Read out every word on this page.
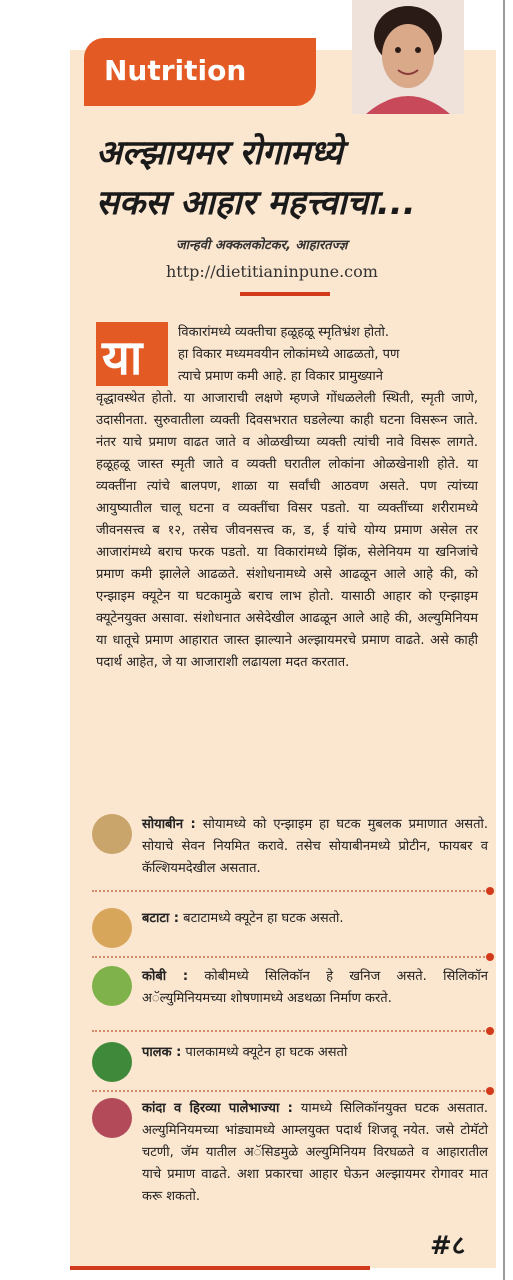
Nutrition
अल्झायमर रोगामध्ये
सकस आहार महत्त्वाचा...
जान्हवी अक्कलकोटकर, आहारतज्ज्ञ
http://dietitianinpune.com

विकारांमध्ये व्यक्तीचा हळूहळू स्मृतिभ्रंश होतो.

हा विकार मध्यमवयीन लोकांमध्ये आढळतो, पण

त्याचे प्रमाण कमी आहे. हा विकार प्रामुख्याने

वृद्धावस्थेत होतो. या आजाराची लक्षणे म्हणजे गोंधळलेली स्थिती, स्मृती जाणे, उदासीनता. सुरुवातीला व्यक्ती दिवसभरात घडलेल्या काही घटना विसरून जाते. नंतर याचे प्रमाण वाढत जाते व ओळखीच्या व्यक्ती त्यांची नावे विसरू लागते. हळूहळू जास्त स्मृती जाते व व्यक्ती घरातील लोकांना ओळखेनाशी होते. या व्यक्तींना त्यांचे बालपण, शाळा या सर्वांची आठवण असते. पण त्यांच्या आयुष्यातील चालू घटना व व्यक्तींचा विसर पडतो. या व्यक्तींच्या शरीरामध्ये जीवनसत्त्व ब १२, तसेच जीवनसत्त्व क, ड, ई यांचे योग्य प्रमाण असेल तर आजारांमध्ये बराच फरक पडतो. या विकारांमध्ये झिंक, सेलेनियम या खनिजांचे प्रमाण कमी झालेले आढळते. संशोधनामध्ये असे आढळून आले आहे की, को एन्झाइम क्यूटेन या घटकामुळे बराच लाभ होतो. यासाठी आहार को एन्झाइम क्यूटेनयुक्त असावा. संशोधनात असेदेखील आढळून आले आहे की, अल्युमिनियम या धातूचे प्रमाण आहारात जास्त झाल्याने अल्झायमरचे प्रमाण वाढते. असे काही पदार्थ आहेत, जे या आजाराशी लढायला मदत करतात.

या
सोयाबीन : सोयामध्ये को एन्झाइम हा घटक मुबलक प्रमाणात असतो. सोयाचे सेवन नियमित करावे. तसेच सोयाबीनमध्ये प्रोटीन, फायबर व कॅल्शियमदेखील असतात.
बटाटा : बटाटामध्ये क्यूटेन हा घटक असतो.
कोबी : कोबीमध्ये सिलिकॉन हे खनिज असते. सिलिकॉन अॅल्युमिनियमच्या शोषणामध्ये अडथळा निर्माण करते.
पालक : पालकामध्ये क्यूटेन हा घटक असतो
कांदा व हिरव्या पालेभाज्या : यामध्ये सिलिकॉनयुक्त घटक असतात. अल्युमिनियमच्या भांड्यामध्ये आम्लयुक्त पदार्थ शिजवू नयेत. जसे टोमॅटो चटणी, जॅम यातील अॅसिडमुळे अल्युमिनियम विरघळते व आहारातील याचे प्रमाण वाढते. अशा प्रकारचा आहार घेऊन अल्झायमर रोगावर मात करू शकतो.
#८
